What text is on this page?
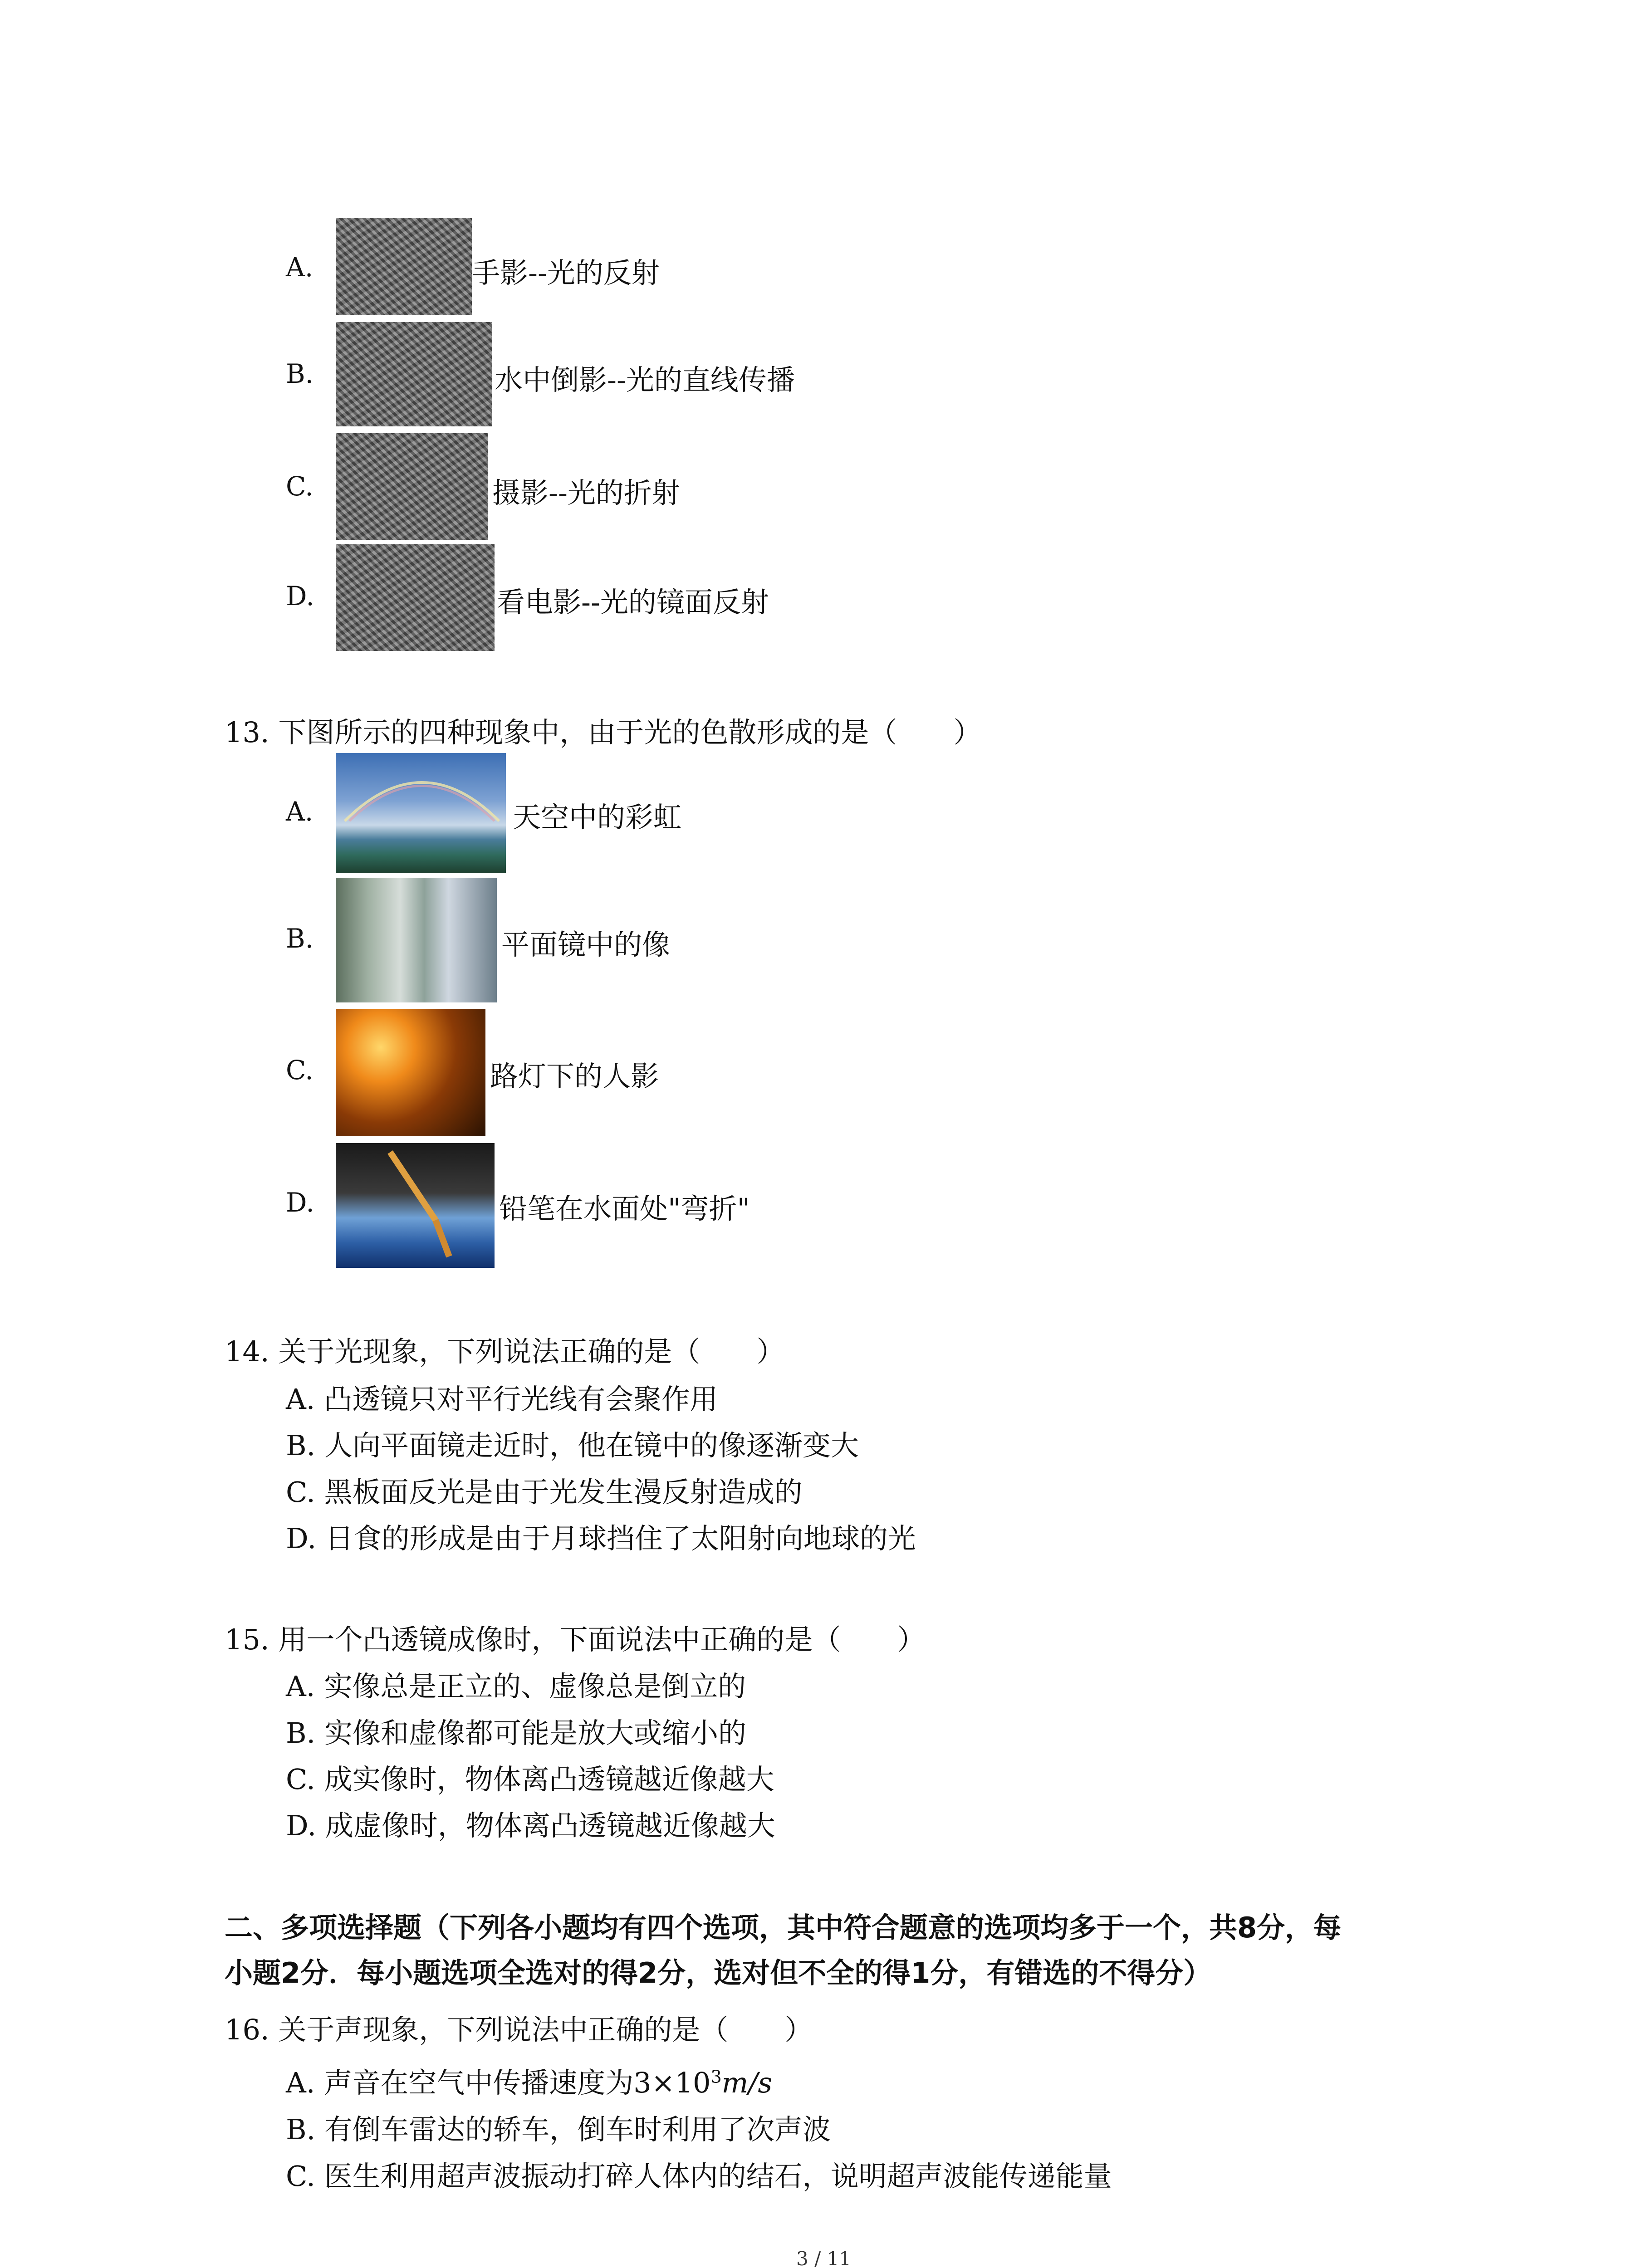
A.	手影--光的反射
B.	水中倒影--光的直线传播
C.	摄影--光的折射
D.	看电影--光的镜面反射
13. 下图所示的四种现象中，由于光的色散形成的是（　　）
A.	天空中的彩虹
B.	平面镜中的像
C.	路灯下的人影
D.	铅笔在水面处"弯折"
14. 关于光现象，下列说法正确的是（　　）
A. 凸透镜只对平行光线有会聚作用
B. 人向平面镜走近时，他在镜中的像逐渐变大
C. 黑板面反光是由于光发生漫反射造成的
D. 日食的形成是由于月球挡住了太阳射向地球的光
15. 用一个凸透镜成像时，下面说法中正确的是（　　）
A. 实像总是正立的、虚像总是倒立的
B. 实像和虚像都可能是放大或缩小的
C. 成实像时，物体离凸透镜越近像越大
D. 成虚像时，物体离凸透镜越近像越大
二、多项选择题（下列各小题均有四个选项，其中符合题意的选项均多于一个，共8分，每
小题2分．每小题选项全选对的得2分，选对但不全的得1分，有错选的不得分）
16. 关于声现象，下列说法中正确的是（　　）
A. 声音在空气中传播速度为$3\times 10^3m/s$
B. 有倒车雷达的轿车，倒车时利用了次声波
C. 医生利用超声波振动打碎人体内的结石，说明超声波能传递能量
3 / 11
